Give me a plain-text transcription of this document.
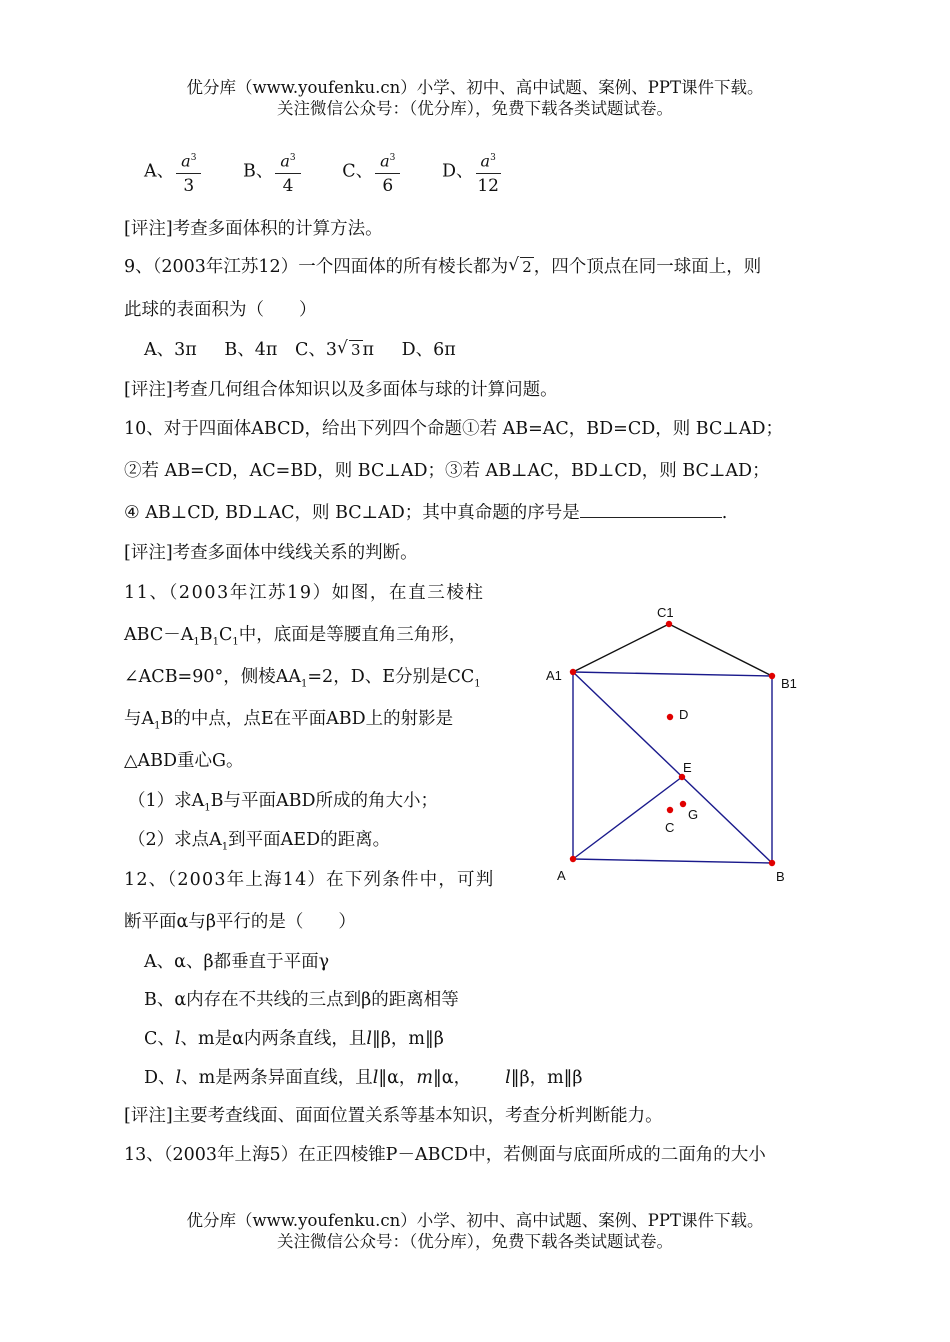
优分库（www.youfenku.cn）小学、初中、高中试题、案例、PPT课件下载。
关注微信公众号：（优分库），免费下载各类试题试卷。
A、 $\frac{a^3}{3}$ B、 $\frac{a^3}{4}$ C、 $\frac{a^3}{6}$ D、 $\frac{a^3}{12}$
[评注]考查多面体积的计算方法。
9、（2003年江苏12）一个四面体的所有棱长都为 √ 2 ，四个顶点在同一球面上，则
此球的表面积为（　　）
A、3π B、4π C、3 √ 3 π D、6π
[评注]考查几何组合体知识以及多面体与球的计算问题。
10、对于四面体ABCD，给出下列四个命题①若 AB=AC，BD=CD，则 BC⊥AD；
②若 AB=CD，AC=BD，则 BC⊥AD；③若 AB⊥AC，BD⊥CD，则 BC⊥AD；
④ AB⊥CD, BD⊥AC，则 BC⊥AD；其中真命题的序号是	.
[评注]考查多面体中线线关系的判断。
11、（2003年江苏19）如图，在直三棱柱
$ABC-A_1B_1C_1$中，底面是等腰直角三角形，
∠ACB=90°，侧棱$AA_1=2$，D、E分别是$CC_1$
与$A_1B$的中点，点E在平面ABD上的射影是
△ABD重心G。
（1）求$A_1B$与平面ABD所成的角大小；
（2）求点$A_1$到平面AED的距离。
C1
A1
B1
D
E
G
C
A	B
12、（2003年上海14）在下列条件中，可判
断平面α与β平行的是（　　）
A、α、β都垂直于平面γ
B、α内存在不共线的三点到β的距离相等
C、l、m是α内两条直线，且l‖β，m‖β
D、l、m是两条异面直线，且l‖α，m‖α， l‖β，m‖β
[评注]主要考查线面、面面位置关系等基本知识，考查分析判断能力。
13、（2003年上海5）在正四棱锥P－ABCD中，若侧面与底面所成的二面角的大小
优分库（www.youfenku.cn）小学、初中、高中试题、案例、PPT课件下载。
关注微信公众号：（优分库），免费下载各类试题试卷。
